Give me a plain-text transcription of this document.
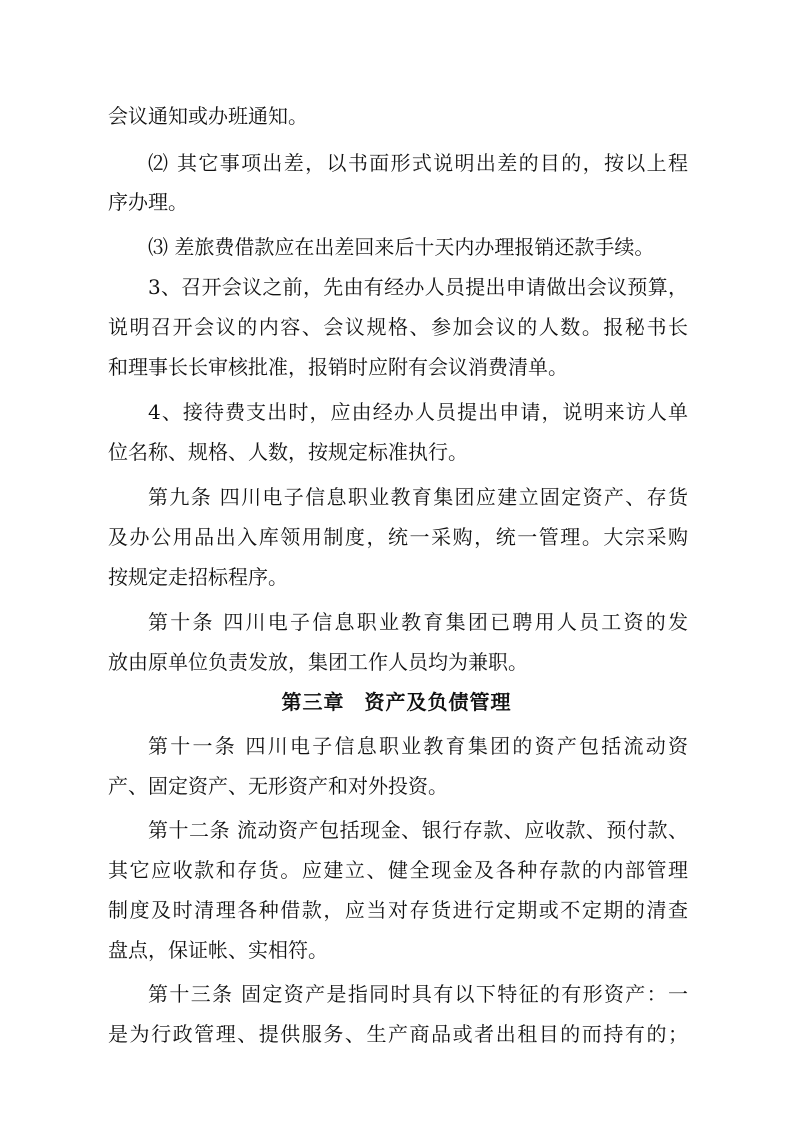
会议通知或办班通知。
⑵ 其它事项出差，以书面形式说明出差的目的，按以上程
序办理。
⑶ 差旅费借款应在出差回来后十天内办理报销还款手续。
3、召开会议之前，先由有经办人员提出申请做出会议预算，
说明召开会议的内容、会议规格、参加会议的人数。报秘书长
和理事长长审核批准，报销时应附有会议消费清单。
4、接待费支出时，应由经办人员提出申请，说明来访人单
位名称、规格、人数，按规定标准执行。
第九条 四川电子信息职业教育集团应建立固定资产、存货
及办公用品出入库领用制度，统一采购，统一管理。大宗采购
按规定走招标程序。
第十条 四川电子信息职业教育集团已聘用人员工资的发
放由原单位负责发放，集团工作人员均为兼职。
第三章 资产及负债管理
第十一条 四川电子信息职业教育集团的资产包括流动资
产、固定资产、无形资产和对外投资。
第十二条 流动资产包括现金、银行存款、应收款、预付款、
其它应收款和存货。应建立、健全现金及各种存款的内部管理
制度及时清理各种借款，应当对存货进行定期或不定期的清查
盘点，保证帐、实相符。
第十三条 固定资产是指同时具有以下特征的有形资产：一
是为行政管理、提供服务、生产商品或者出租目的而持有的；
